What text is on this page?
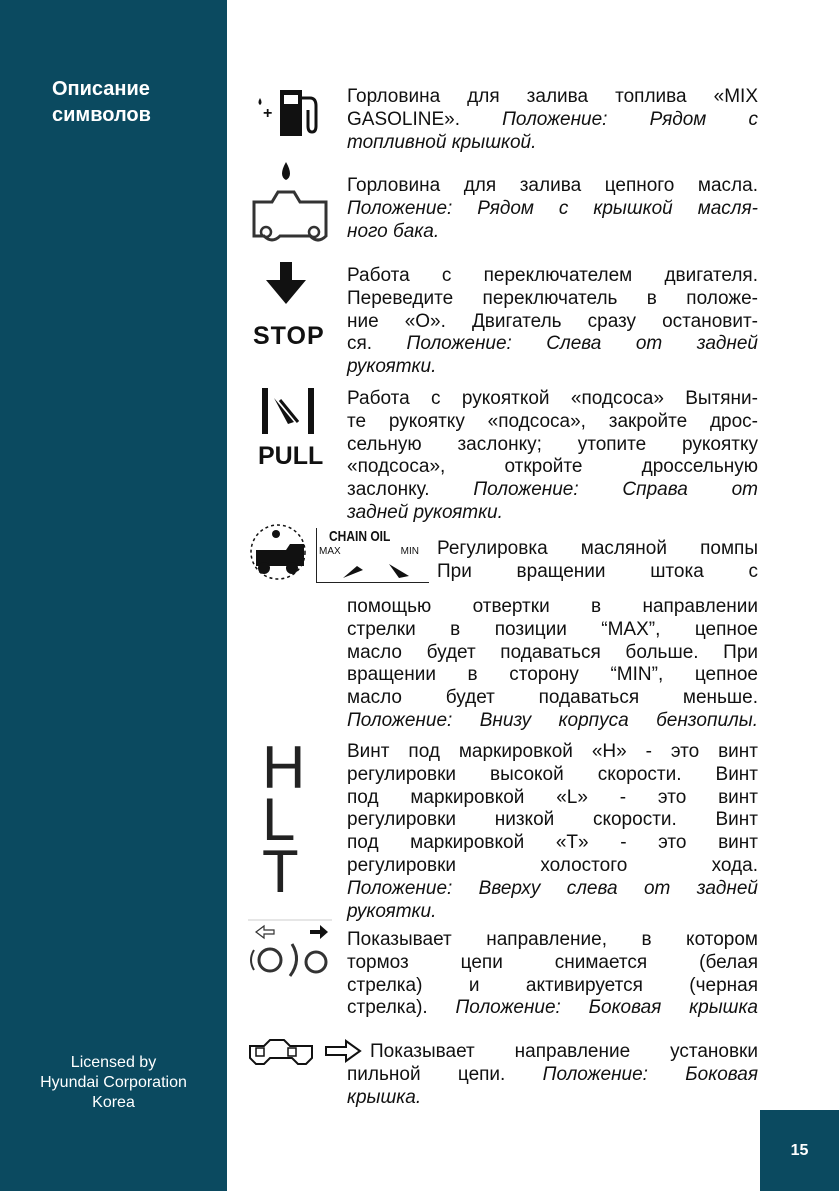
Описание
символов
Licensed by
Hyundai Corporation
Korea
15
+
STOP
PULL
CHAIN OIL
MAX	MIN
H
L
T
Горловина для залива топлива «MIX
GASOLINE». Положение: Рядом с
топливной крышкой.
Горловина для залива цепного масла.
Положение: Рядом с крышкой масля-
ного бака.
Работа с переключателем двигателя.
Переведите переключатель в положе-
ние «О». Двигатель сразу остановит-
ся. Положение: Слева от задней
рукоятки.
Работа с рукояткой «подсоса» Вытяни-
те рукоятку «подсоса», закройте дрос-
сельную заслонку; утопите рукоятку
«подсоса», откройте дроссельную
заслонку. Положение: Справа от
задней рукоятки.
Регулировка масляной помпы
При вращении штока с
помощью отвертки в направлении
стрелки в позиции “MAX”, цепное
масло будет подаваться больше. При
вращении в сторону “MIN”, цепное
масло будет подаваться меньше.
Положение: Внизу корпуса бензопилы.
Винт под маркировкой «H» - это винт
регулировки высокой скорости. Винт
под маркировкой «L» - это винт
регулировки низкой скорости. Винт
под маркировкой «T» - это винт
регулировки холостого хода.
Положение: Вверху слева от задней
рукоятки.
Показывает направление, в котором
тормоз цепи снимается (белая
стрелка) и активируется (черная
стрелка). Положение: Боковая крышка
Показывает направление установки
пильной цепи. Положение: Боковая
крышка.
